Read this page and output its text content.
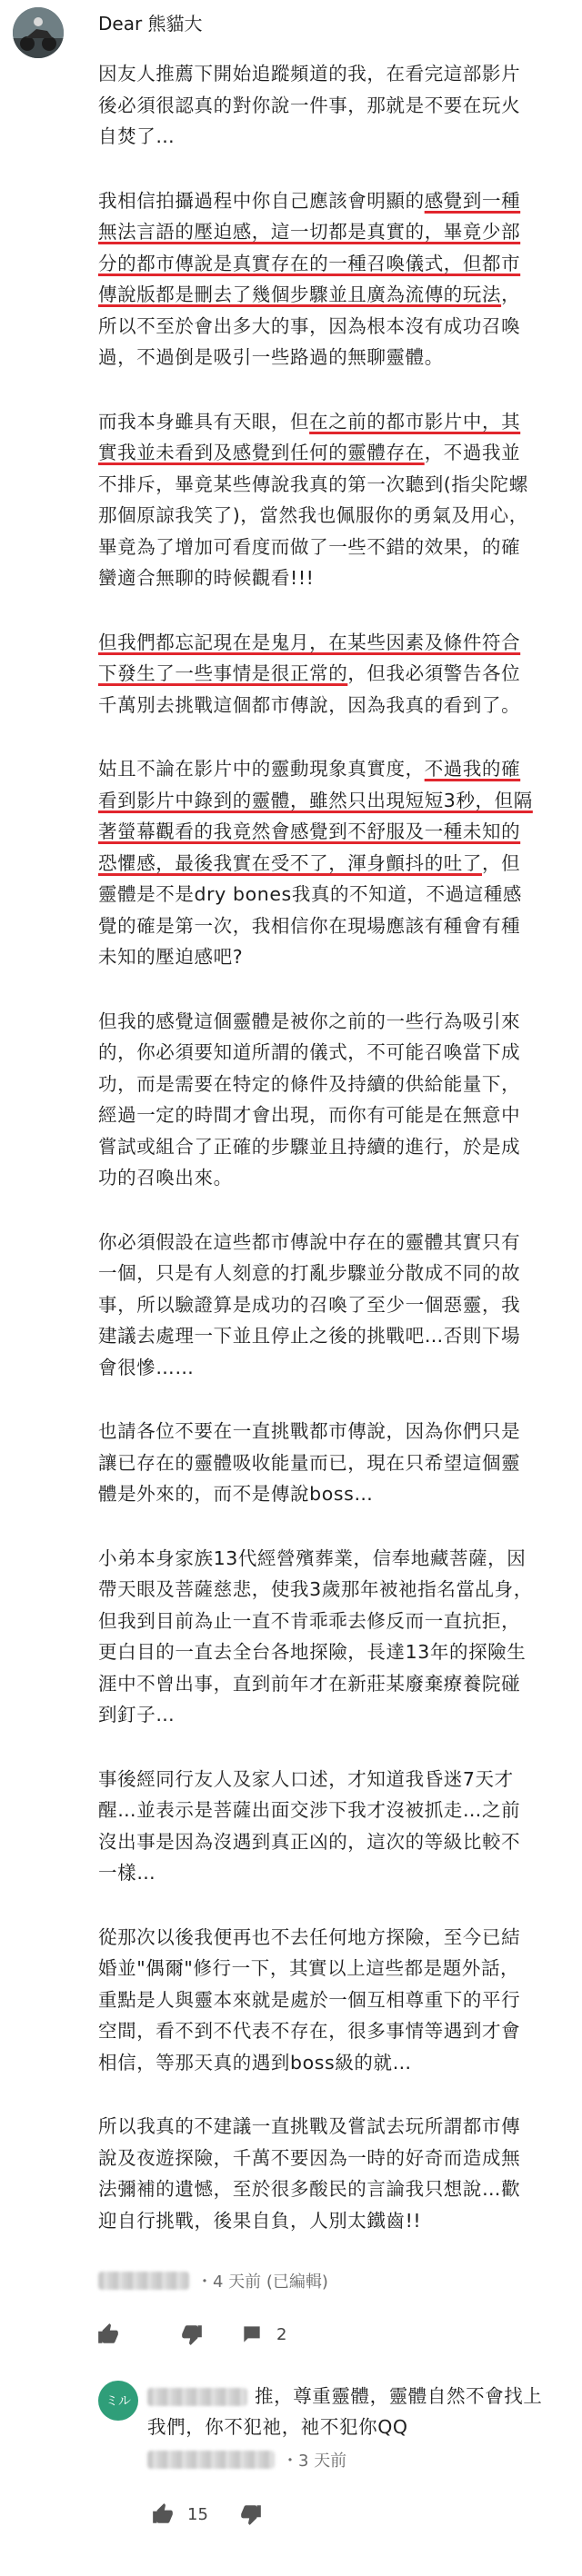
Dear 熊貓大

因友人推薦下開始追蹤頻道的我，在看完這部影片後必須很認真的對你說一件事，那就是不要在玩火自焚了…

我相信拍攝過程中你自己應該會明顯的感覺到一種無法言語的壓迫感，這一切都是真實的，畢竟少部分的都市傳說是真實存在的一種召喚儀式，但都市傳說版都是刪去了幾個步驟並且廣為流傳的玩法，所以不至於會出多大的事，因為根本沒有成功召喚過，不過倒是吸引一些路過的無聊靈體。

而我本身雖具有天眼，但在之前的都市影片中，其實我並未看到及感覺到任何的靈體存在，不過我並不排斥，畢竟某些傳說我真的第一次聽到(指尖陀螺那個原諒我笑了)，當然我也佩服你的勇氣及用心，畢竟為了增加可看度而做了一些不錯的效果，的確蠻適合無聊的時候觀看!!!

但我們都忘記現在是鬼月，在某些因素及條件符合下發生了一些事情是很正常的，但我必須警告各位千萬別去挑戰這個都市傳說，因為我真的看到了。

姑且不論在影片中的靈動現象真實度，不過我的確看到影片中錄到的靈體，雖然只出現短短3秒，但隔著螢幕觀看的我竟然會感覺到不舒服及一種未知的恐懼感，最後我實在受不了，渾身顫抖的吐了，但靈體是不是dry bones我真的不知道，不過這種感覺的確是第一次，我相信你在現場應該有種會有種未知的壓迫感吧?

但我的感覺這個靈體是被你之前的一些行為吸引來的，你必須要知道所謂的儀式，不可能召喚當下成功，而是需要在特定的條件及持續的供給能量下，經過一定的時間才會出現，而你有可能是在無意中嘗試或組合了正確的步驟並且持續的進行，於是成功的召喚出來。

你必須假設在這些都市傳說中存在的靈體其實只有一個，只是有人刻意的打亂步驟並分散成不同的故事，所以驗證算是成功的召喚了至少一個惡靈，我建議去處理一下並且停止之後的挑戰吧…否則下場會很慘……

也請各位不要在一直挑戰都市傳說，因為你們只是讓已存在的靈體吸收能量而已，現在只希望這個靈體是外來的，而不是傳說boss…

小弟本身家族13代經營殯葬業，信奉地藏菩薩，因帶天眼及菩薩慈悲，使我3歲那年被祂指名當乩身，但我到目前為止一直不肯乖乖去修反而一直抗拒，更白目的一直去全台各地探險，長達13年的探險生涯中不曾出事，直到前年才在新莊某廢棄療養院碰到釘子…

事後經同行友人及家人口述，才知道我昏迷7天才醒…並表示是菩薩出面交涉下我才沒被抓走…之前沒出事是因為沒遇到真正凶的，這次的等級比較不一樣…

從那次以後我便再也不去任何地方探險，至今已結婚並"偶爾"修行一下，其實以上這些都是題外話，重點是人與靈本來就是處於一個互相尊重下的平行空間，看不到不代表不存在，很多事情等遇到才會相信，等那天真的遇到boss級的就…

所以我真的不建議一直挑戰及嘗試去玩所謂都市傳說及夜遊探險，千萬不要因為一時的好奇而造成無法彌補的遺憾，至於很多酸民的言論我只想說…歡迎自行挑戰，後果自負，人別太鐵齒!!

・4 天前 (已編輯)
2
ミル	推，尊重靈體，靈體自然不會找上我們，你不犯祂，祂不犯你QQ
・3 天前
15
